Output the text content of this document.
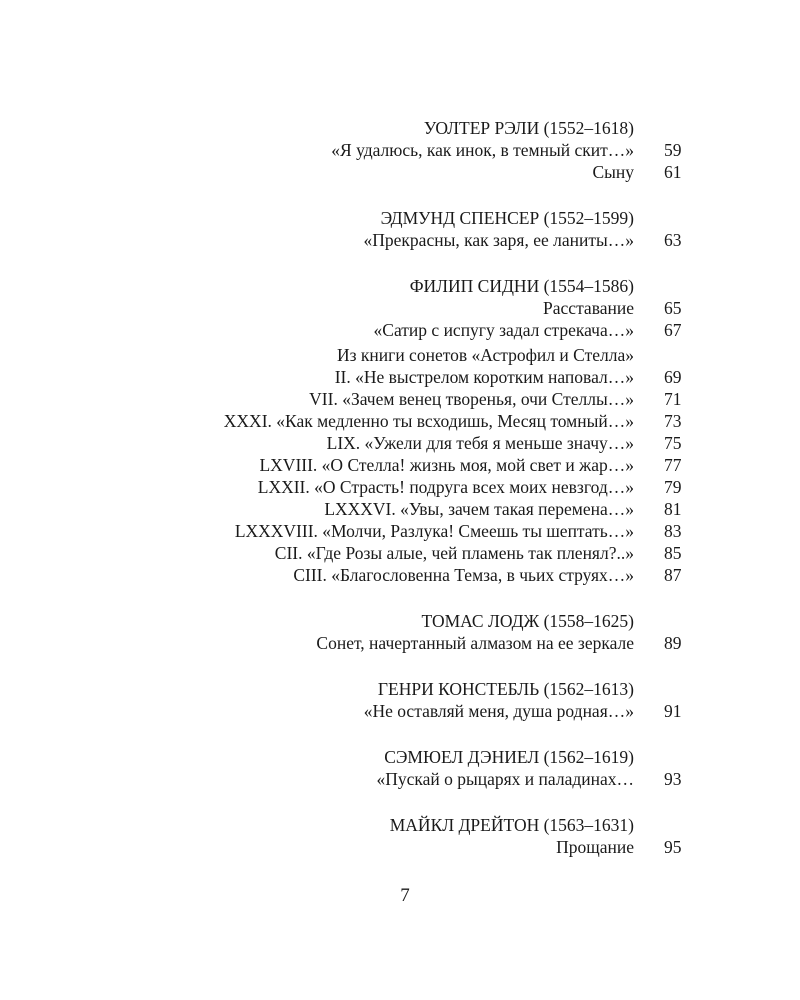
УОЛТЕР РЭЛИ (1552–1618)
«Я удалюсь, как инок, в темный скит…» 59
Сыну 61
ЭДМУНД СПЕНСЕР (1552–1599)
«Прекрасны, как заря, ее ланиты…» 63
ФИЛИП СИДНИ (1554–1586)
Расставание 65
«Сатир с испугу задал стрекача…» 67
Из книги сонетов «Астрофил и Стелла»
II. «Не выстрелом коротким наповал…» 69
VII. «Зачем венец творенья, очи Стеллы…» 71
XXXI. «Как медленно ты всходишь, Месяц томный…» 73
LIX. «Ужели для тебя я меньше значу…» 75
LXVIII. «О Стелла! жизнь моя, мой свет и жар…» 77
LXXII. «О Страсть! подруга всех моих невзгод…» 79
LXXXVI. «Увы, зачем такая перемена…» 81
LXXXVIII. «Молчи, Разлука! Смеешь ты шептать…» 83
CII. «Где Розы алые, чей пламень так пленял?..» 85
CIII. «Благословенна Темза, в чьих струях…» 87
ТОМАС ЛОДЖ (1558–1625)
Сонет, начертанный алмазом на ее зеркале 89
ГЕНРИ КОНСТЕБЛЬ (1562–1613)
«Не оставляй меня, душа родная…» 91
СЭМЮЕЛ ДЭНИЕЛ (1562–1619)
«Пускай о рыцарях и паладинах… 93
МАЙКЛ ДРЕЙТОН (1563–1631)
Прощание 95
7
